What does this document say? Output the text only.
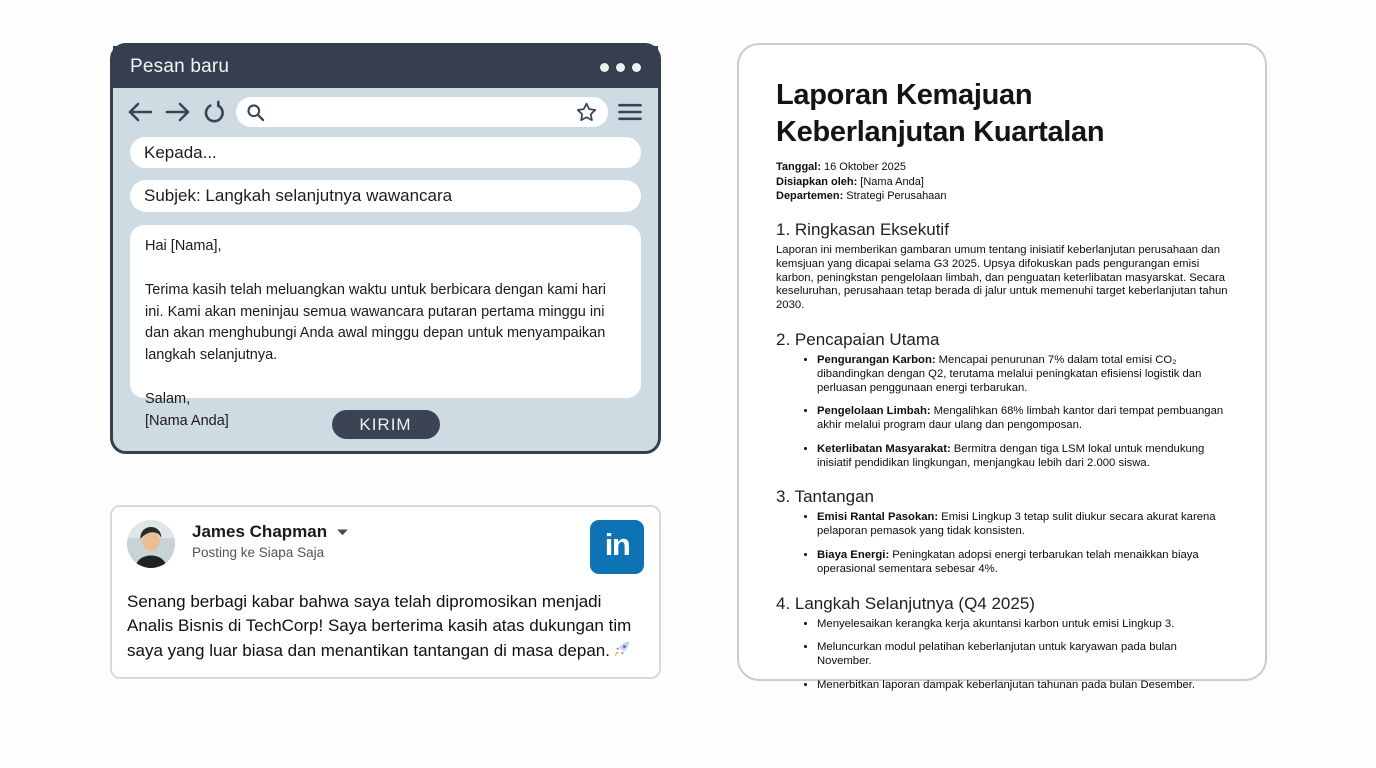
Pesan baru
Kepada...
Subjek: Langkah selanjutnya wawancara

Hai [Nama],

Terima kasih telah meluangkan waktu untuk berbicara dengan kami hari ini. Kami akan meninjau semua wawancara putaran pertama minggu ini dan akan menghubungi Anda awal minggu depan untuk menyampaikan langkah selanjutnya.

Salam,

[Nama Anda]	KIRIM
James Chapman
Posting ke Siapa Saja	in
Senang berbagi kabar bahwa saya telah dipromosikan menjadi Analis Bisnis di TechCorp! Saya berterima kasih atas dukungan tim saya yang luar biasa dan menantikan tantangan di masa depan.
Laporan Kemajuan Keberlanjutan Kuartalan
Tanggal: 16 Oktober 2025
Disiapkan oleh: [Nama Anda]
Departemen: Strategi Perusahaan
1. Ringkasan Eksekutif

Laporan ini memberikan gambaran umum tentang inisiatif keberlanjutan perusahaan dan kemsjuan yang dicapai selama G3 2025. Upsya difokuskan pads pengurangan emisi karbon, peningkstan pengelolaan limbah, dan penguatan keterlibatan masyarskat. Secara keseluruhan, perusahaan tetap berada di jalur untuk memenuhi target keberlanjutan tahun 2030.

2. Pencapaian Utama
• Pengurangan Karbon: Mencapai penurunan 7% dalam total emisi CO₂ dibandingkan dengan Q2, terutama melalui peningkatan efisiensi logistik dan perluasan penggunaan energi terbarukan.
• Pengelolaan Limbah: Mengalihkan 68% limbah kantor dari tempat pembuangan akhir melalui program daur ulang dan pengomposan.
• Keterlibatan Masyarakat: Bermitra dengan tiga LSM lokal untuk mendukung inisiatif pendidikan lingkungan, menjangkau lebih dari 2.000 siswa.
3. Tantangan
• Emisi Rantal Pasokan: Emisi Lingkup 3 tetap sulit diukur secara akurat karena pelaporan pemasok yang tidak konsisten.
• Biaya Energi: Peningkatan adopsi energi terbarukan telah menaikkan biaya operasional sementara sebesar 4%.
4. Langkah Selanjutnya (Q4 2025)
• Menyelesaikan kerangka kerja akuntansi karbon untuk emisi Lingkup 3.
• Meluncurkan modul pelatihan keberlanjutan untuk karyawan pada bulan November.
• Menerbitkan laporan dampak keberlanjutan tahunan pada bulan Desember.
